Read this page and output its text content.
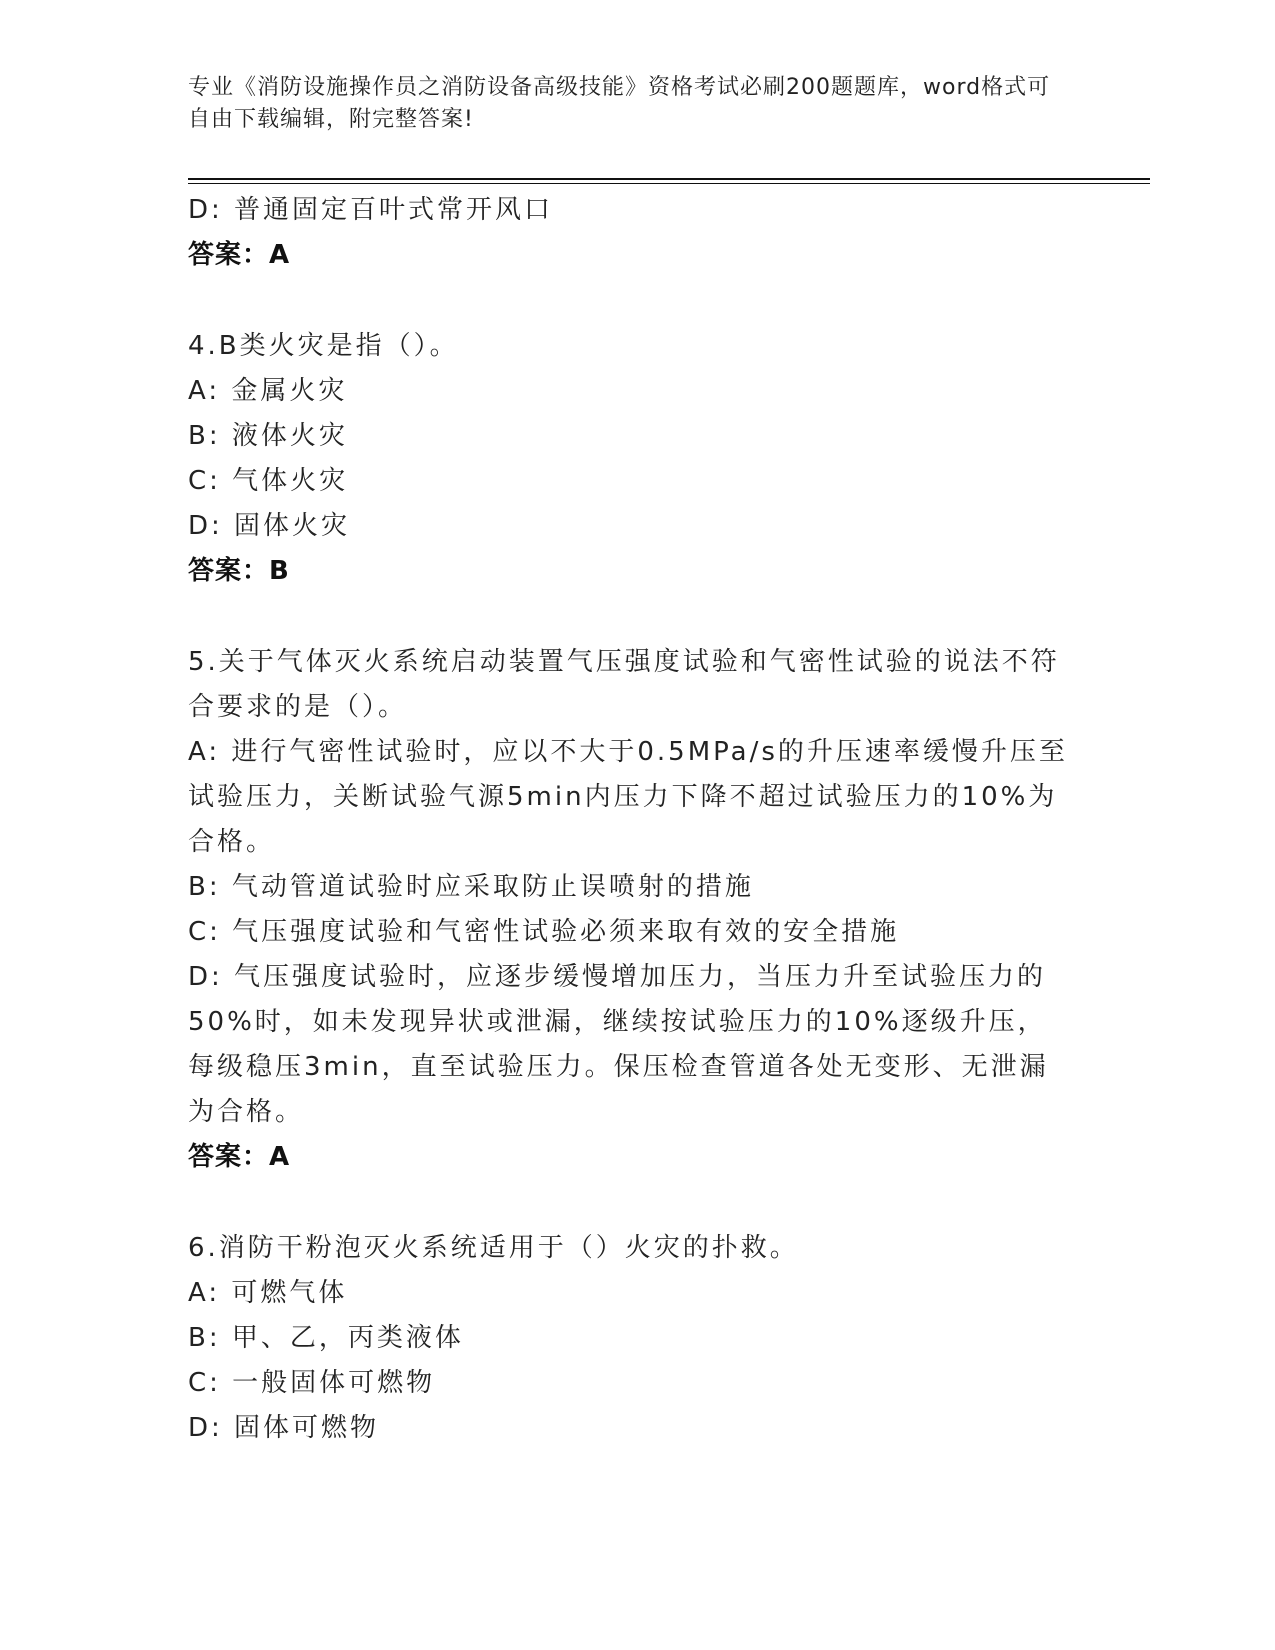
专业《消防设施操作员之消防设备高级技能》资格考试必刷200题题库，word格式可自由下载编辑，附完整答案!
D: 普通固定百叶式常开风口
答案：A
4.B类火灾是指（）。
A: 金属火灾
B: 液体火灾
C: 气体火灾
D: 固体火灾
答案：B
5.关于气体灭火系统启动装置气压强度试验和气密性试验的说法不符合要求的是（）。
A: 进行气密性试验时，应以不大于0.5MPa/s的升压速率缓慢升压至试验压力，关断试验气源5min内压力下降不超过试验压力的10%为合格。
B: 气动管道试验时应采取防止误喷射的措施
C: 气压强度试验和气密性试验必须来取有效的安全措施
D: 气压强度试验时，应逐步缓慢增加压力，当压力升至试验压力的50%时，如未发现异状或泄漏，继续按试验压力的10%逐级升压，每级稳压3min，直至试验压力。保压检查管道各处无变形、无泄漏为合格。
答案：A
6.消防干粉泡灭火系统适用于（）火灾的扑救。
A: 可燃气体
B: 甲、乙，丙类液体
C: 一般固体可燃物
D: 固体可燃物
